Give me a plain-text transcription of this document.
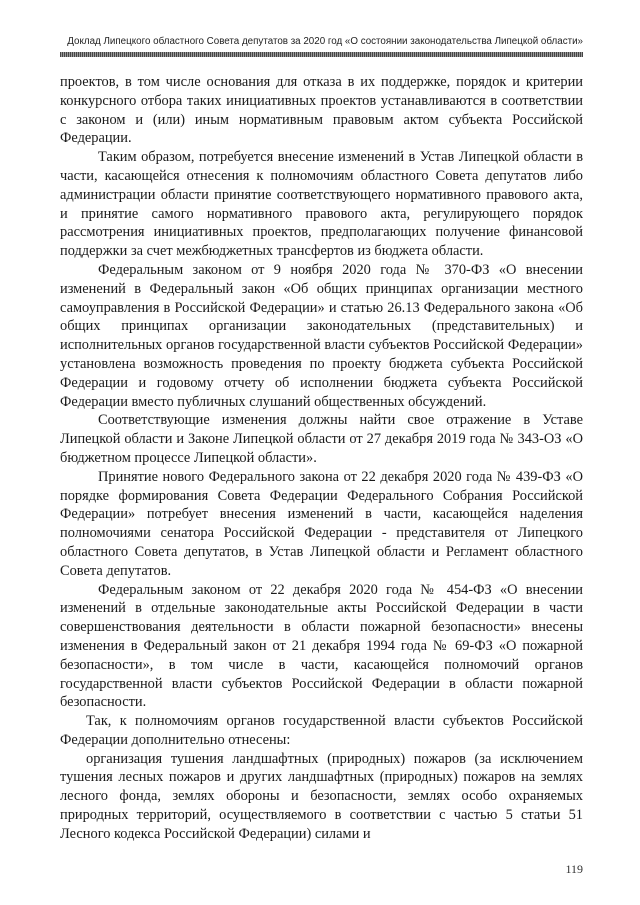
Доклад Липецкого областного Совета депутатов за 2020 год «О состоянии законодательства Липецкой области»

проектов, в том числе основания для отказа в их поддержке, порядок и критерии конкурсного отбора таких инициативных проектов устанавливаются в соответствии с законом и (или) иным нормативным правовым актом субъекта Российской Федерации.

Таким образом, потребуется внесение изменений в Устав Липецкой области в части, касающейся отнесения к полномочиям областного Совета депутатов либо администрации области принятие соответствующего нормативного правового акта, и принятие самого нормативного правового акта, регулирующего порядок рассмотрения инициативных проектов, предполагающих получение финансовой поддержки за счет межбюджетных трансфертов из бюджета области.

Федеральным законом от 9 ноября 2020 года № 370-ФЗ «О внесении изменений в Федеральный закон «Об общих принципах организации местного самоуправления в Российской Федерации» и статью 26.13 Федерального закона «Об общих принципах организации законодательных (представительных) и исполнительных органов государственной власти субъектов Российской Федерации» установлена возможность проведения по проекту бюджета субъекта Российской Федерации и годовому отчету об исполнении бюджета субъекта Российской Федерации вместо публичных слушаний общественных обсуждений.

Соответствующие изменения должны найти свое отражение в Уставе Липецкой области и Законе Липецкой области от 27 декабря 2019 года № 343-ОЗ «О бюджетном процессе Липецкой области».

Принятие нового Федерального закона от 22 декабря 2020 года № 439-ФЗ «О порядке формирования Совета Федерации Федерального Собрания Российской Федерации» потребует внесения изменений в части, касающейся наделения полномочиями сенатора Российской Федерации - представителя от Липецкого областного Совета депутатов, в Устав Липецкой области и Регламент областного Совета депутатов.

Федеральным законом от 22 декабря 2020 года № 454-ФЗ «О внесении изменений в отдельные законодательные акты Российской Федерации в части совершенствования деятельности в области пожарной безопасности» внесены изменения в Федеральный закон от 21 декабря 1994 года № 69-ФЗ «О пожарной безопасности», в том числе в части, касающейся полномочий органов государственной власти субъектов Российской Федерации в области пожарной безопасности.

Так, к полномочиям органов государственной власти субъектов Российской Федерации дополнительно отнесены:

организация тушения ландшафтных (природных) пожаров (за исключением тушения лесных пожаров и других ландшафтных (природных) пожаров на землях лесного фонда, землях обороны и безопасности, землях особо охраняемых природных территорий, осуществляемого в соответствии с частью 5 статьи 51 Лесного кодекса Российской Федерации) силами и

119
